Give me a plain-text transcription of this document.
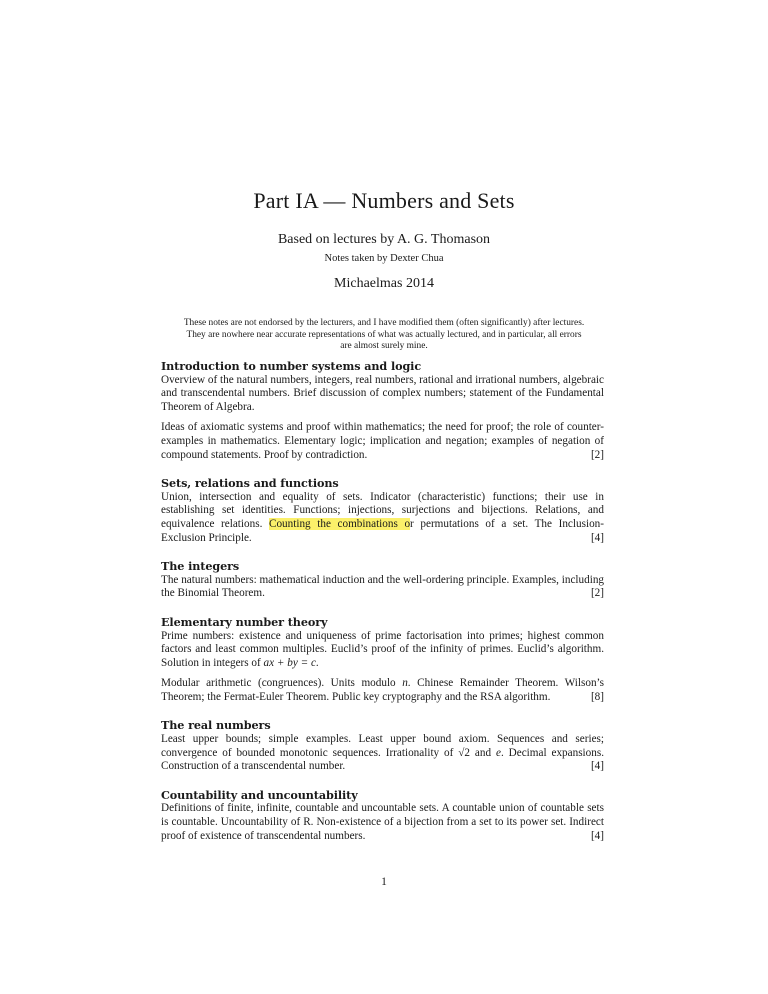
Part IA — Numbers and Sets
Based on lectures by A. G. Thomason
Notes taken by Dexter Chua
Michaelmas 2014
These notes are not endorsed by the lecturers, and I have modified them (often significantly) after lectures. They are nowhere near accurate representations of what was actually lectured, and in particular, all errors are almost surely mine.
Introduction to number systems and logic

Overview of the natural numbers, integers, real numbers, rational and irrational numbers, algebraic and transcendental numbers. Brief discussion of complex numbers; statement of the Fundamental Theorem of Algebra.

Ideas of axiomatic systems and proof within mathematics; the need for proof; the role of counter-examples in mathematics. Elementary logic; implication and negation; examples of negation of compound statements. Proof by contradiction.	[2]

Sets, relations and functions

Union, intersection and equality of sets. Indicator (characteristic) functions; their use in establishing set identities. Functions; injections, surjections and bijections. Relations, and equivalence relations. Counting the combinations or permutations of a set. The Inclusion-Exclusion Principle.	[4]

The integers

The natural numbers: mathematical induction and the well-ordering principle. Examples, including the Binomial Theorem.	[2]

Elementary number theory

Prime numbers: existence and uniqueness of prime factorisation into primes; highest common factors and least common multiples. Euclid’s proof of the infinity of primes. Euclid’s algorithm. Solution in integers of ax + by = c.

Modular arithmetic (congruences). Units modulo n. Chinese Remainder Theorem. Wilson’s Theorem; the Fermat-Euler Theorem. Public key cryptography and the RSA algorithm.	[8]

The real numbers

Least upper bounds; simple examples. Least upper bound axiom. Sequences and series; convergence of bounded monotonic sequences. Irrationality of √2 and e. Decimal expansions. Construction of a transcendental number.	[4]

Countability and uncountability

Definitions of finite, infinite, countable and uncountable sets. A countable union of countable sets is countable. Uncountability of R. Non-existence of a bijection from a set to its power set. Indirect proof of existence of transcendental numbers.	[4]

1
